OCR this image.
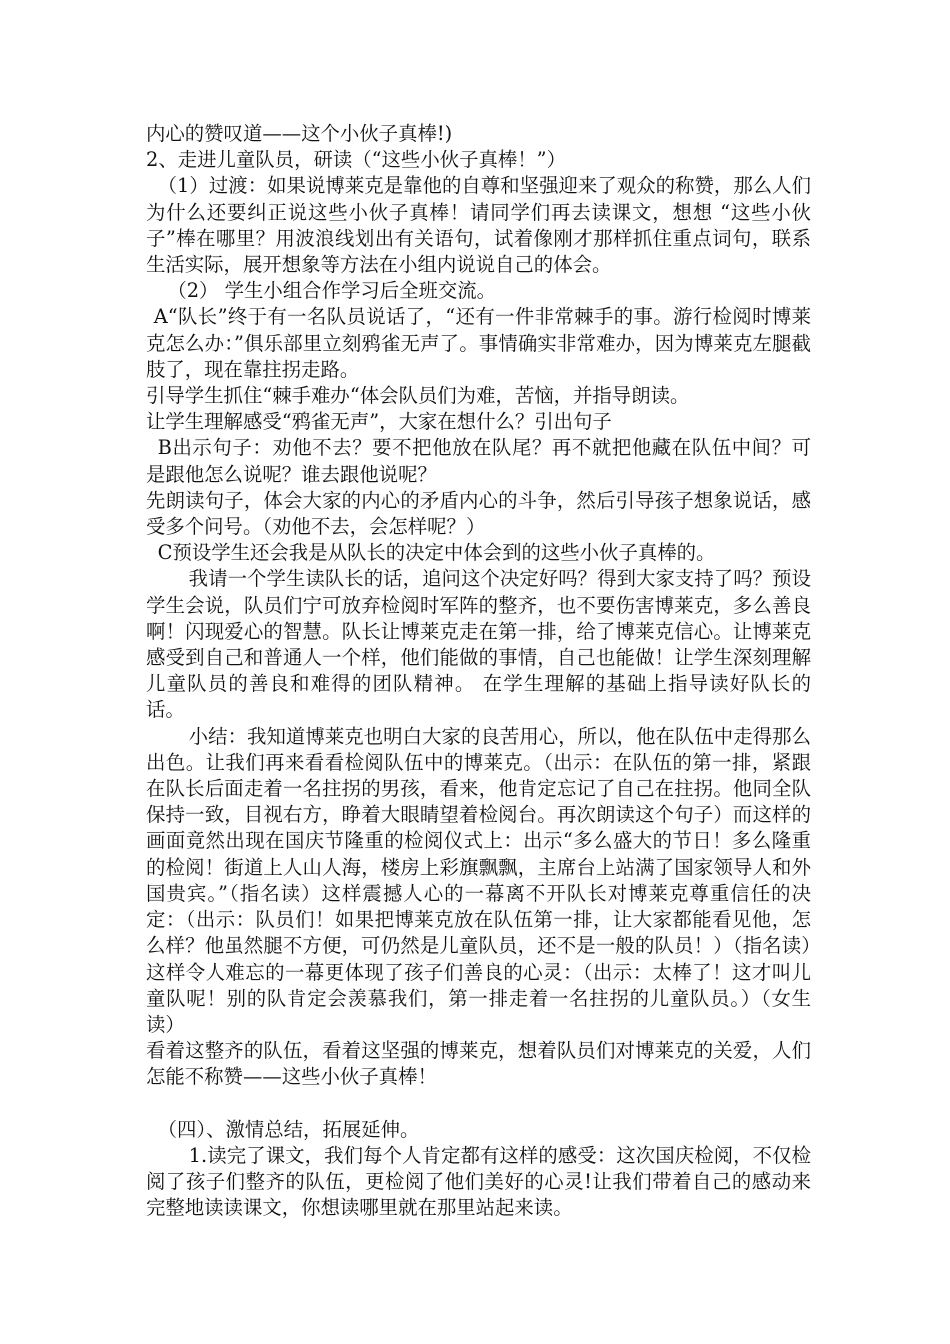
内心的赞叹道——这个小伙子真棒!)

2、走进儿童队员，研读（“这些小伙子真棒！”）

（1）过渡：如果说博莱克是靠他的自尊和坚强迎来了观众的称赞，那么人们为什么还要纠正说这些小伙子真棒！请同学们再去读课文，想想 “这些小伙子”棒在哪里？用波浪线划出有关语句，试着像刚才那样抓住重点词句，联系生活实际，展开想象等方法在小组内说说自己的体会。

（2） 学生小组合作学习后全班交流。

A“队长”终于有一名队员说话了，“还有一件非常棘手的事。游行检阅时博莱克怎么办：”俱乐部里立刻鸦雀无声了。事情确实非常难办，因为博莱克左腿截肢了，现在靠拄拐走路。

引导学生抓住“棘手难办“体会队员们为难，苦恼，并指导朗读。

让学生理解感受“鸦雀无声”，大家在想什么？引出句子

B出示句子：劝他不去？要不把他放在队尾？再不就把他藏在队伍中间？可是跟他怎么说呢？谁去跟他说呢？

先朗读句子，体会大家的内心的矛盾内心的斗争，然后引导孩子想象说话，感受多个问号。（劝他不去，会怎样呢？）

C预设学生还会我是从队长的决定中体会到的这些小伙子真棒的。

我请一个学生读队长的话，追问这个决定好吗？得到大家支持了吗？预设学生会说，队员们宁可放弃检阅时军阵的整齐，也不要伤害博莱克，多么善良啊！闪现爱心的智慧。队长让博莱克走在第一排，给了博莱克信心。让博莱克感受到自己和普通人一个样，他们能做的事情，自己也能做！让学生深刻理解儿童队员的善良和难得的团队精神。 在学生理解的基础上指导读好队长的话。

小结：我知道博莱克也明白大家的良苦用心，所以，他在队伍中走得那么出色。让我们再来看看检阅队伍中的博莱克。（出示：在队伍的第一排，紧跟在队长后面走着一名拄拐的男孩，看来，他肯定忘记了自己在拄拐。他同全队保持一致，目视右方，睁着大眼睛望着检阅台。再次朗读这个句子）而这样的画面竟然出现在国庆节隆重的检阅仪式上：出示“多么盛大的节日！多么隆重的检阅！街道上人山人海，楼房上彩旗飘飘，主席台上站满了国家领导人和外国贵宾。”（指名读）这样震撼人心的一幕离不开队长对博莱克尊重信任的决定：（出示：队员们！如果把博莱克放在队伍第一排，让大家都能看见他，怎么样？他虽然腿不方便，可仍然是儿童队员，还不是一般的队员！）（指名读）这样令人难忘的一幕更体现了孩子们善良的心灵：（出示：太棒了！这才叫儿童队呢！别的队肯定会羡慕我们，第一排走着一名拄拐的儿童队员。）（女生读）

看着这整齐的队伍，看着这坚强的博莱克，想着队员们对博莱克的关爱，人们怎能不称赞——这些小伙子真棒！

（四）、激情总结，拓展延伸。

1.读完了课文，我们每个人肯定都有这样的感受：这次国庆检阅，不仅检阅了孩子们整齐的队伍，更检阅了他们美好的心灵!让我们带着自己的感动来完整地读读课文，你想读哪里就在那里站起来读。
